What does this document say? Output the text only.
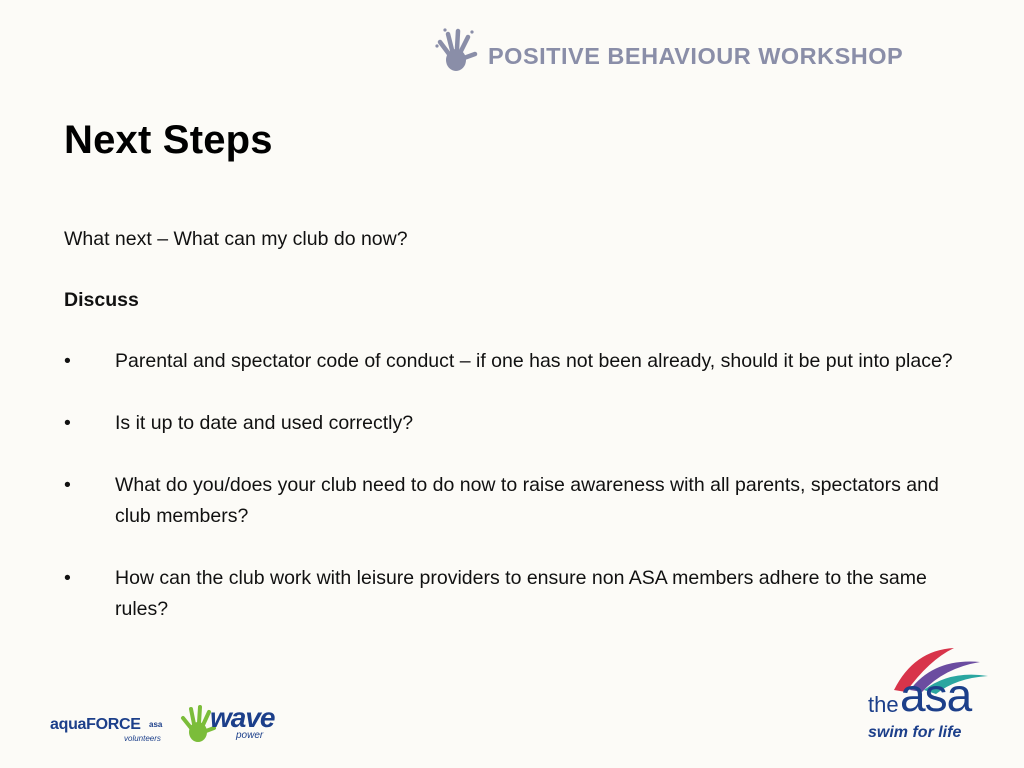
POSITIVE BEHAVIOUR WORKSHOP
Next Steps

What next – What can my club do now?

Discuss

•	Parental and spectator code of conduct – if one has not been already, should it be put into place?
•	Is it up to date and used correctly?
•	What do you/does your club need to do now to raise awareness with all parents, spectators and club members?
•	How can the club work with leisure providers to ensure non ASA members adhere to the same rules?
aquaFORCE asa
volunteers
wave
power
the asa
swim for life
